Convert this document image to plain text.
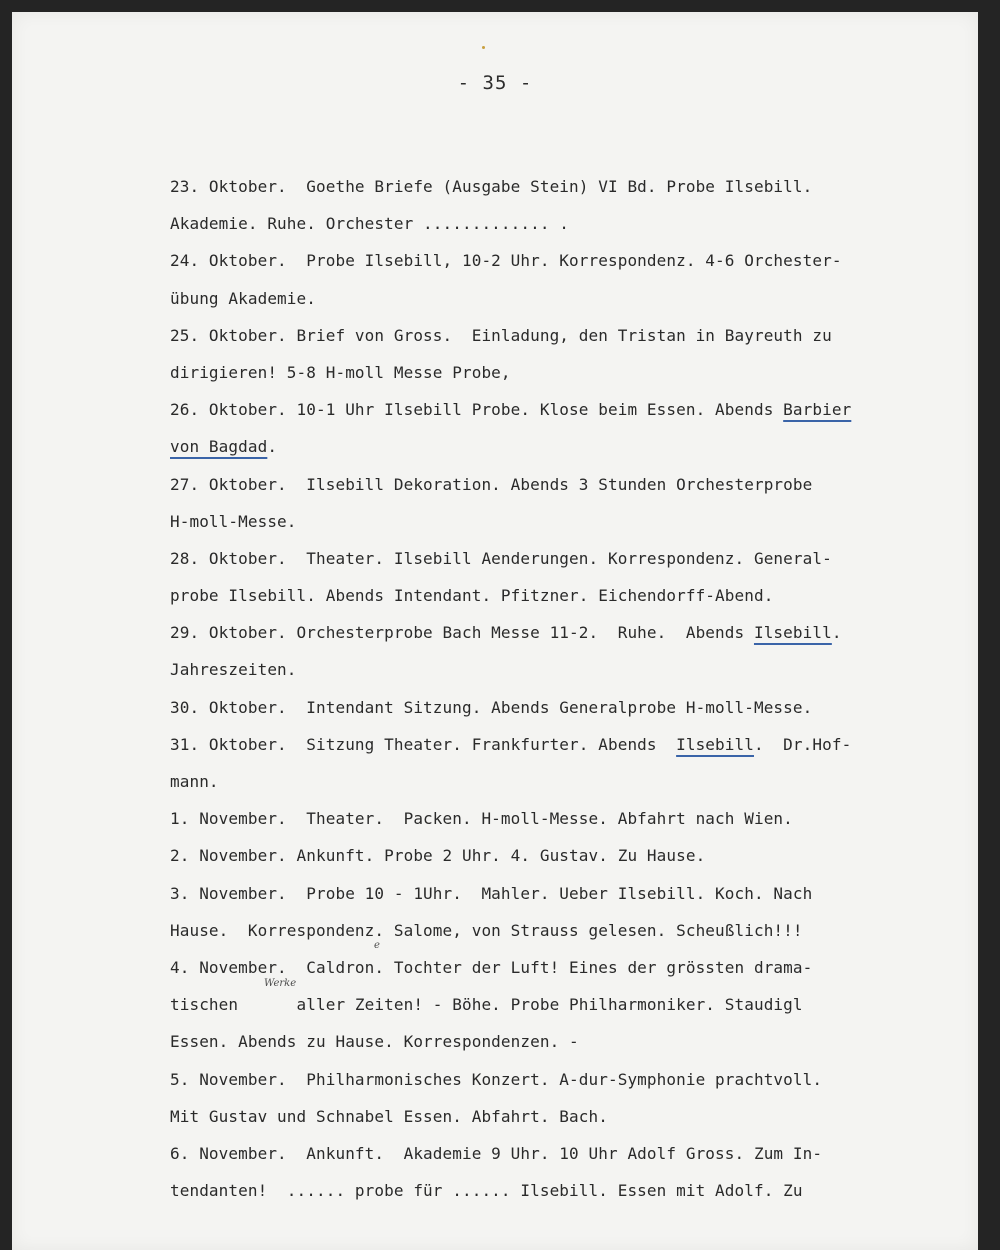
- 35 -
23. Oktober.  Goethe Briefe (Ausgabe Stein) VI Bd. Probe Ilsebill.
Akademie. Ruhe. Orchester ............. .
24. Oktober.  Probe Ilsebill, 10-2 Uhr. Korrespondenz. 4-6 Orchester-
übung Akademie.
25. Oktober. Brief von Gross.  Einladung, den Tristan in Bayreuth zu
dirigieren! 5-8 H-moll Messe Probe,
26. Oktober. 10-1 Uhr Ilsebill Probe. Klose beim Essen. Abends Barbier
von Bagdad.
27. Oktober.  Ilsebill Dekoration. Abends 3 Stunden Orchesterprobe
H-moll-Messe.
28. Oktober.  Theater. Ilsebill Aenderungen. Korrespondenz. General-
probe Ilsebill. Abends Intendant. Pfitzner. Eichendorff-Abend.
29. Oktober. Orchesterprobe Bach Messe 11-2.  Ruhe.  Abends Ilsebill.
Jahreszeiten.
30. Oktober.  Intendant Sitzung. Abends Generalprobe H-moll-Messe.
31. Oktober.  Sitzung Theater. Frankfurter. Abends  Ilsebill.  Dr.Hof-
mann.
1. November.  Theater.  Packen. H-moll-Messe. Abfahrt nach Wien.
2. November. Ankunft. Probe 2 Uhr. 4. Gustav. Zu Hause.
3. November.  Probe 10 - 1Uhr.  Mahler. Ueber Ilsebill. Koch. Nach
Hause.  Korrespondenz. Salome, von Strauss gelesen. Scheußlich!!!
4. November.  Caldron. Tochter der Luft! Eines der grössten drama-
tischen      aller Zeiten! - Böhe. Probe Philharmoniker. Staudigl
Essen. Abends zu Hause. Korrespondenzen. -
5. November.  Philharmonisches Konzert. A-dur-Symphonie prachtvoll.
Mit Gustav und Schnabel Essen. Abfahrt. Bach.
6. November.  Ankunft.  Akademie 9 Uhr. 10 Uhr Adolf Gross. Zum In-
tendanten!  ...... probe für ...... Ilsebill. Essen mit Adolf. Zu
e
Werke
